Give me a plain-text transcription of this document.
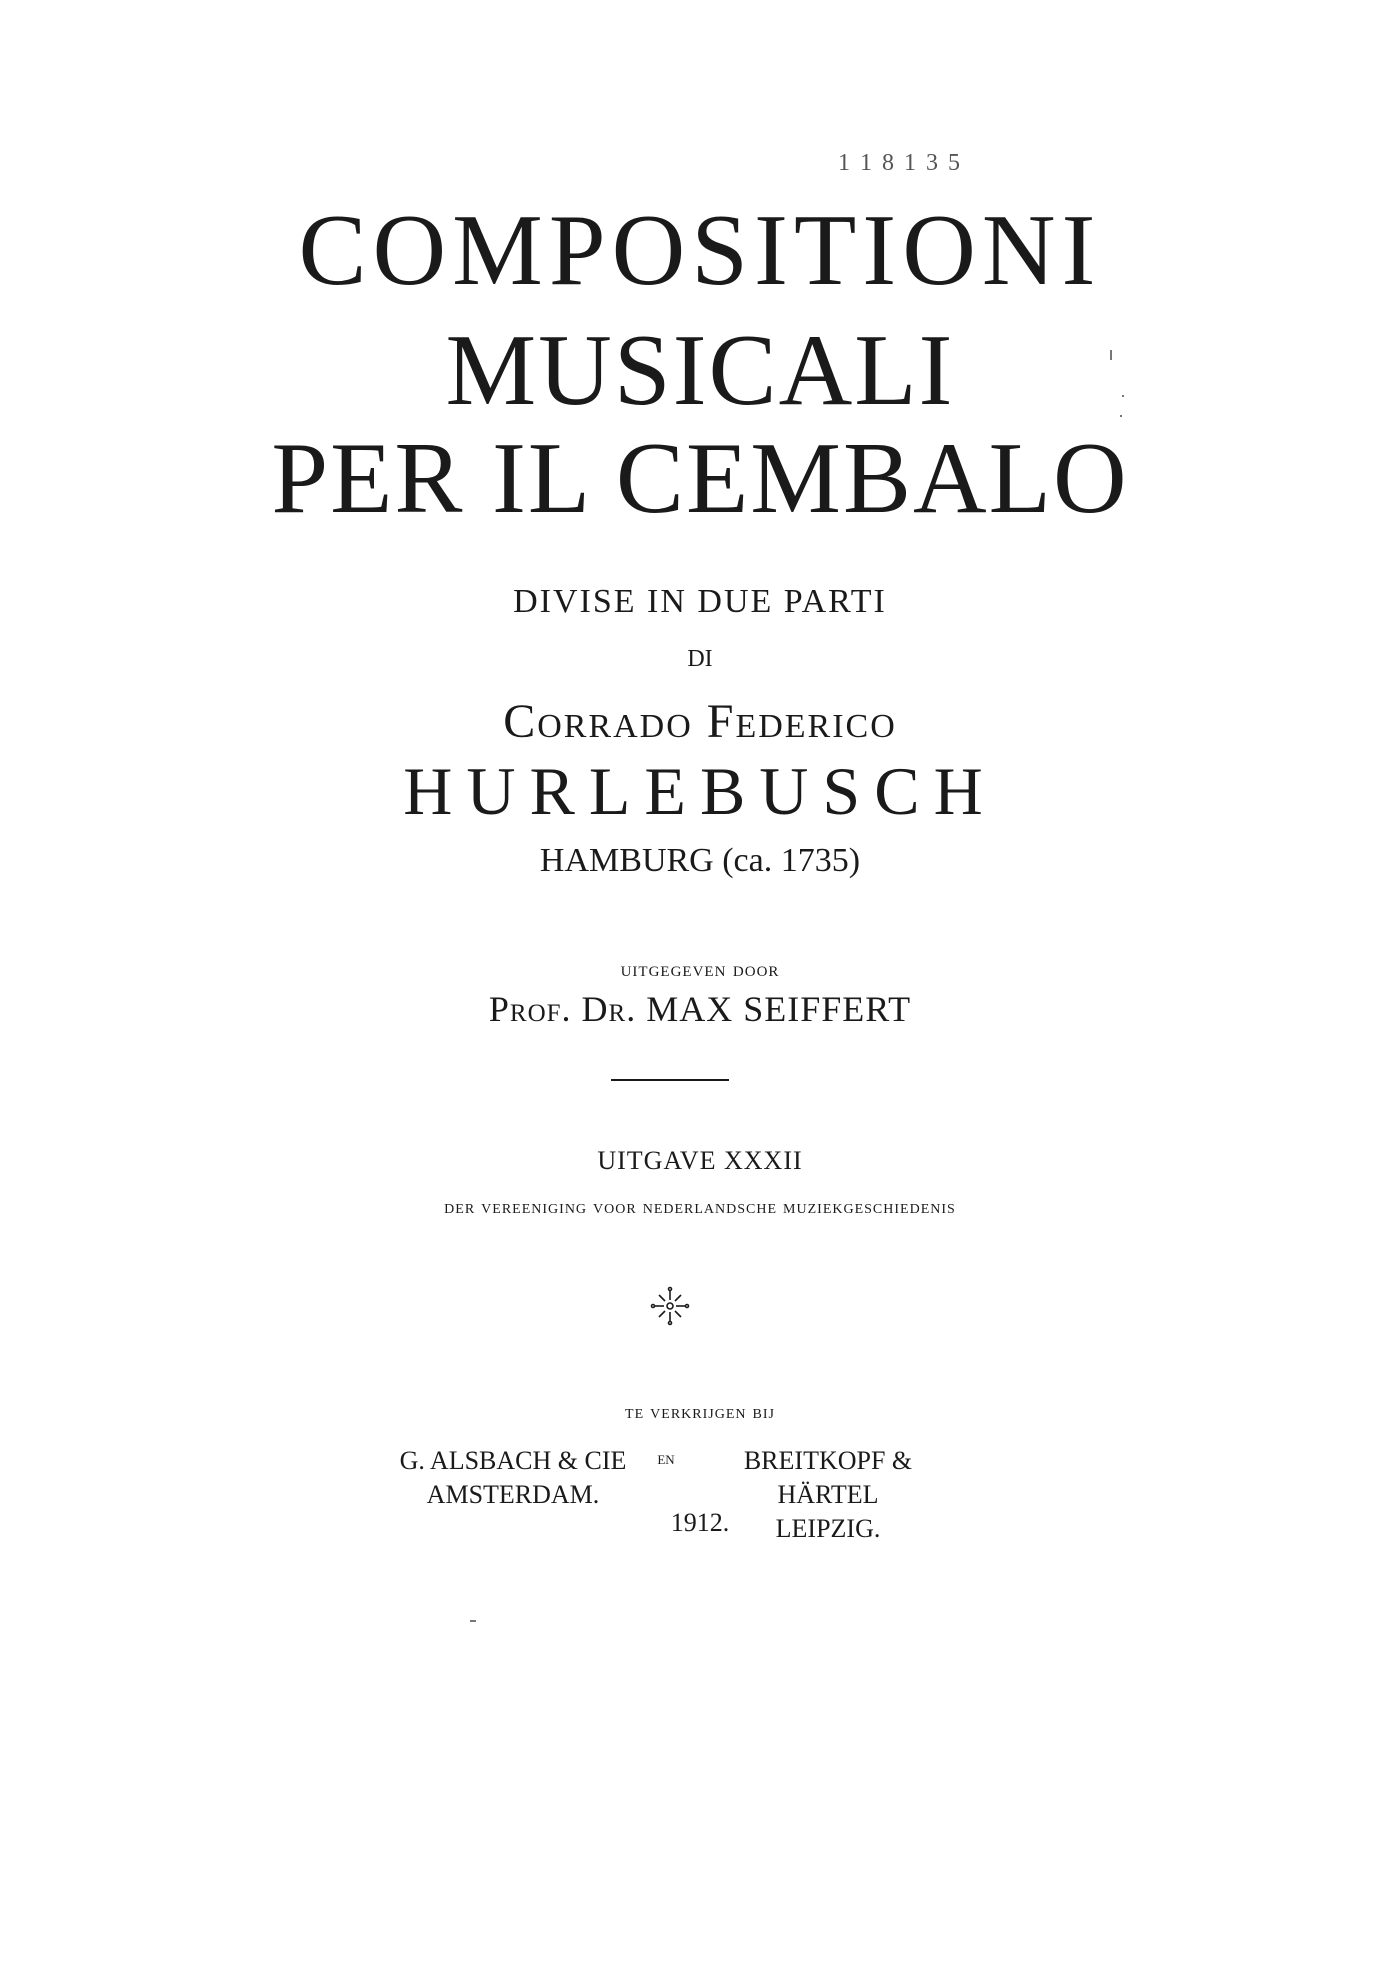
1 1 8 1 3 5
COMPOSITIONI
MUSICALI
PER IL CEMBALO
DIVISE IN DUE PARTI
DI
Corrado Federico
HURLEBUSCH
HAMBURG (ca. 1735)
uitgegeven door
Prof. Dr. MAX SEIFFERT
UITGAVE XXXII
der vereeniging voor nederlandsche muziekgeschiedenis
te verkrijgen bij
G. ALSBACH & CIE
AMSTERDAM.
en	BREITKOPF & HÄRTEL
LEIPZIG.
1912.
